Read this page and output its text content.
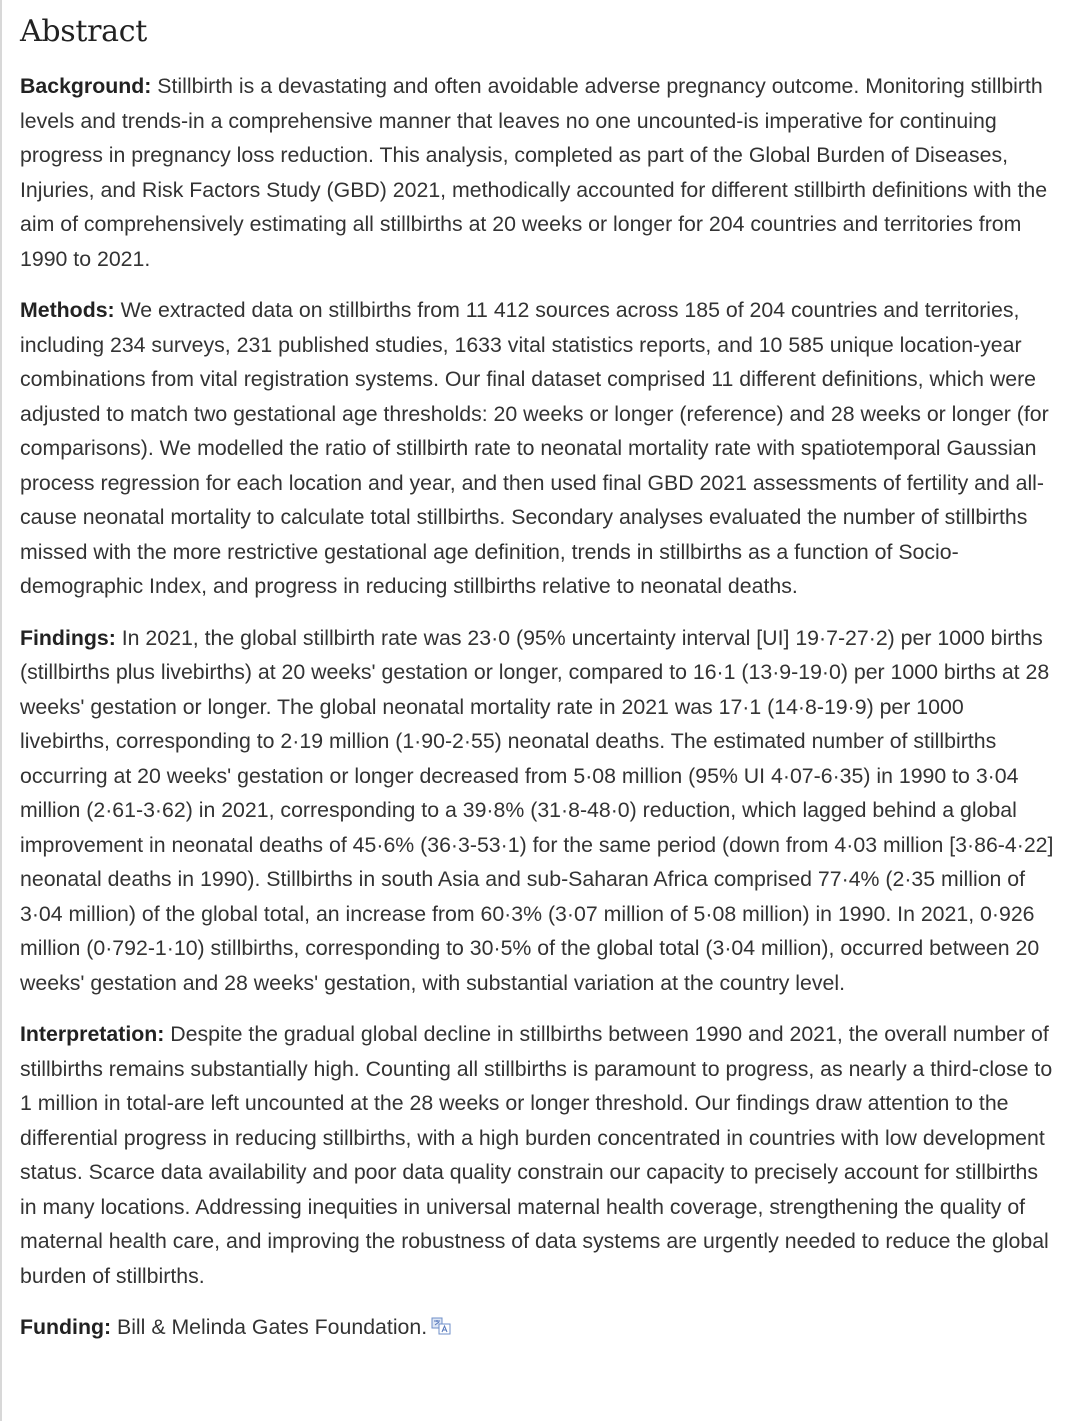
Abstract

Background: Stillbirth is a devastating and often avoidable adverse pregnancy outcome. Monitoring stillbirth levels and trends-in a comprehensive manner that leaves no one uncounted-is imperative for continuing progress in pregnancy loss reduction. This analysis, completed as part of the Global Burden of Diseases, Injuries, and Risk Factors Study (GBD) 2021, methodically accounted for different stillbirth definitions with the aim of comprehensively estimating all stillbirths at 20 weeks or longer for 204 countries and territories from 1990 to 2021.

Methods: We extracted data on stillbirths from 11 412 sources across 185 of 204 countries and territories, including 234 surveys, 231 published studies, 1633 vital statistics reports, and 10 585 unique location-year combinations from vital registration systems. Our final dataset comprised 11 different definitions, which were adjusted to match two gestational age thresholds: 20 weeks or longer (reference) and 28 weeks or longer (for comparisons). We modelled the ratio of stillbirth rate to neonatal mortality rate with spatiotemporal Gaussian process regression for each location and year, and then used final GBD 2021 assessments of fertility and all-cause neonatal mortality to calculate total stillbirths. Secondary analyses evaluated the number of stillbirths missed with the more restrictive gestational age definition, trends in stillbirths as a function of Socio-demographic Index, and progress in reducing stillbirths relative to neonatal deaths.

Findings: In 2021, the global stillbirth rate was 23·0 (95% uncertainty interval [UI] 19·7-27·2) per 1000 births (stillbirths plus livebirths) at 20 weeks' gestation or longer, compared to 16·1 (13·9-19·0) per 1000 births at 28 weeks' gestation or longer. The global neonatal mortality rate in 2021 was 17·1 (14·8-19·9) per 1000 livebirths, corresponding to 2·19 million (1·90-2·55) neonatal deaths. The estimated number of stillbirths occurring at 20 weeks' gestation or longer decreased from 5·08 million (95% UI 4·07-6·35) in 1990 to 3·04 million (2·61-3·62) in 2021, corresponding to a 39·8% (31·8-48·0) reduction, which lagged behind a global improvement in neonatal deaths of 45·6% (36·3-53·1) for the same period (down from 4·03 million [3·86-4·22] neonatal deaths in 1990). Stillbirths in south Asia and sub-Saharan Africa comprised 77·4% (2·35 million of 3·04 million) of the global total, an increase from 60·3% (3·07 million of 5·08 million) in 1990. In 2021, 0·926 million (0·792-1·10) stillbirths, corresponding to 30·5% of the global total (3·04 million), occurred between 20 weeks' gestation and 28 weeks' gestation, with substantial variation at the country level.

Interpretation: Despite the gradual global decline in stillbirths between 1990 and 2021, the overall number of stillbirths remains substantially high. Counting all stillbirths is paramount to progress, as nearly a third-close to 1 million in total-are left uncounted at the 28 weeks or longer threshold. Our findings draw attention to the differential progress in reducing stillbirths, with a high burden concentrated in countries with low development status. Scarce data availability and poor data quality constrain our capacity to precisely account for stillbirths in many locations. Addressing inequities in universal maternal health coverage, strengthening the quality of maternal health care, and improving the robustness of data systems are urgently needed to reduce the global burden of stillbirths.

Funding: Bill & Melinda Gates Foundation.
